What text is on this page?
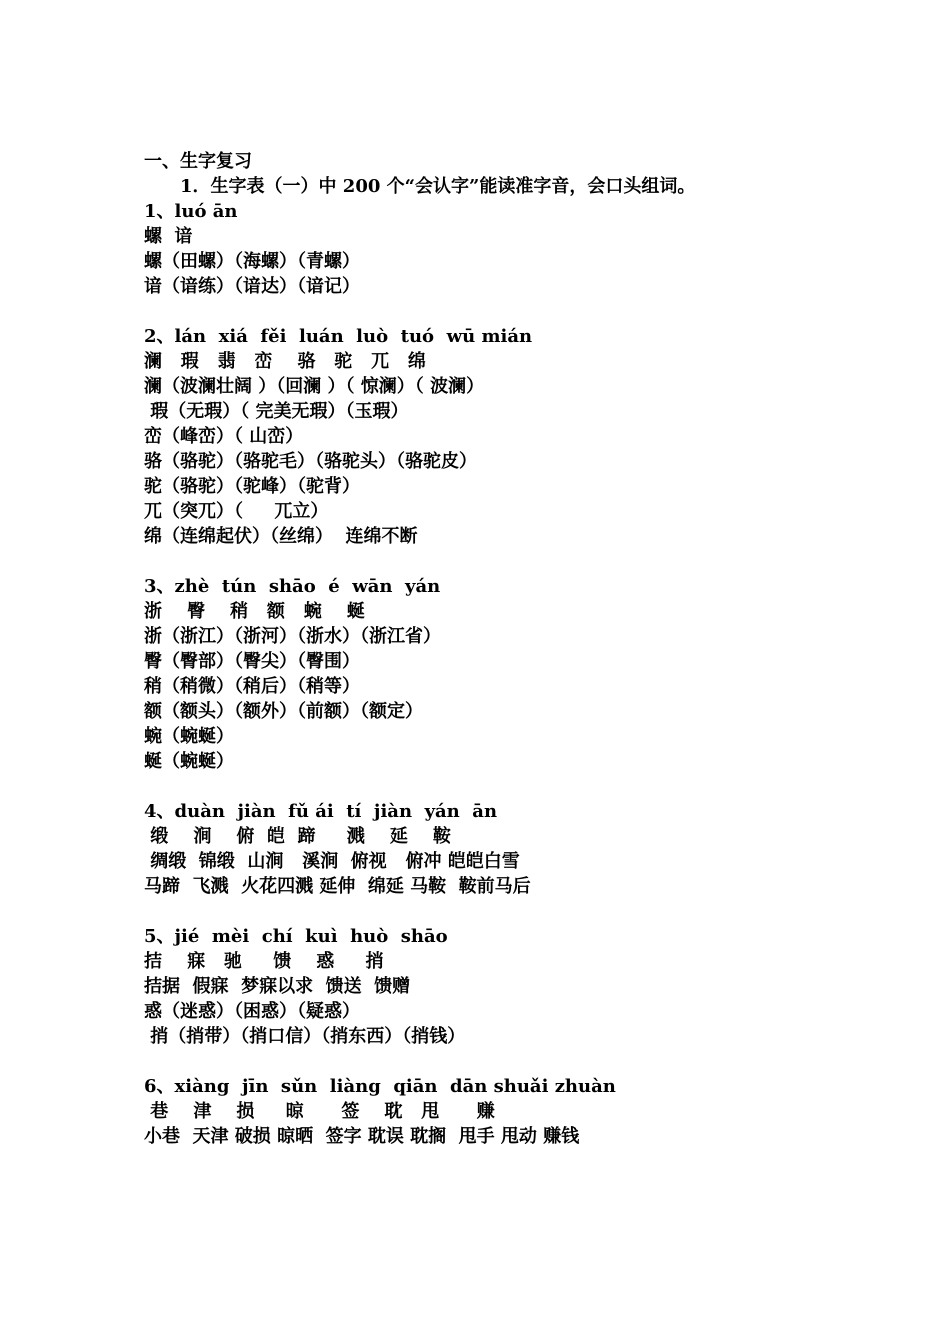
一、生字复习
1．生字表（一）中 200 个“会认字”能读准字音，会口头组词。
1、luó ān
螺  谙
螺（田螺）（海螺）（青螺）
谙（谙练）（谙达）（谙记）
2、lán  xiá  fěi  luán  luò  tuó  wū mián
澜   瑕   翡   峦    骆   驼   兀   绵
澜（波澜壮阔 ）（回澜 ）（ 惊澜）（ 波澜）
瑕（无瑕）（ 完美无瑕）（玉瑕）
峦（峰峦）（ 山峦）
骆（骆驼）（骆驼毛）（骆驼头）（骆驼皮）
驼（骆驼）（驼峰）（驼背）
兀（突兀）（     兀立）
绵（连绵起伏）（丝绵）  连绵不断
3、zhè  tún  shāo  é  wān  yán
浙    臀    稍   额   蜿    蜒
浙（浙江）（浙河）（浙水）（浙江省）
臀（臀部）（臀尖）（臀围）
稍（稍微）（稍后）（稍等）
额（额头）（额外）（前额）（额定）
蜿（蜿蜒）
蜒（蜿蜒）
4、duàn  jiàn  fǔ ái  tí  jiàn  yán  ān
缎    涧    俯  皑  蹄     溅    延    鞍
绸缎  锦缎  山涧   溪涧  俯视   俯冲 皑皑白雪
马蹄  飞溅  火花四溅 延伸  绵延 马鞍  鞍前马后
5、jié  mèi  chí  kuì  huò  shāo
拮    寐   驰     馈    惑     捎
拮据  假寐  梦寐以求  馈送  馈赠
惑（迷惑）（困惑）（疑惑）
捎（捎带）（捎口信）（捎东西）（捎钱）
6、xiàng  jīn  sǔn  liàng  qiān  dān shuǎi zhuàn
巷    津    损     晾      签    耽   甩      赚
小巷  天津 破损 晾晒  签字 耽误 耽搁  甩手 甩动 赚钱
